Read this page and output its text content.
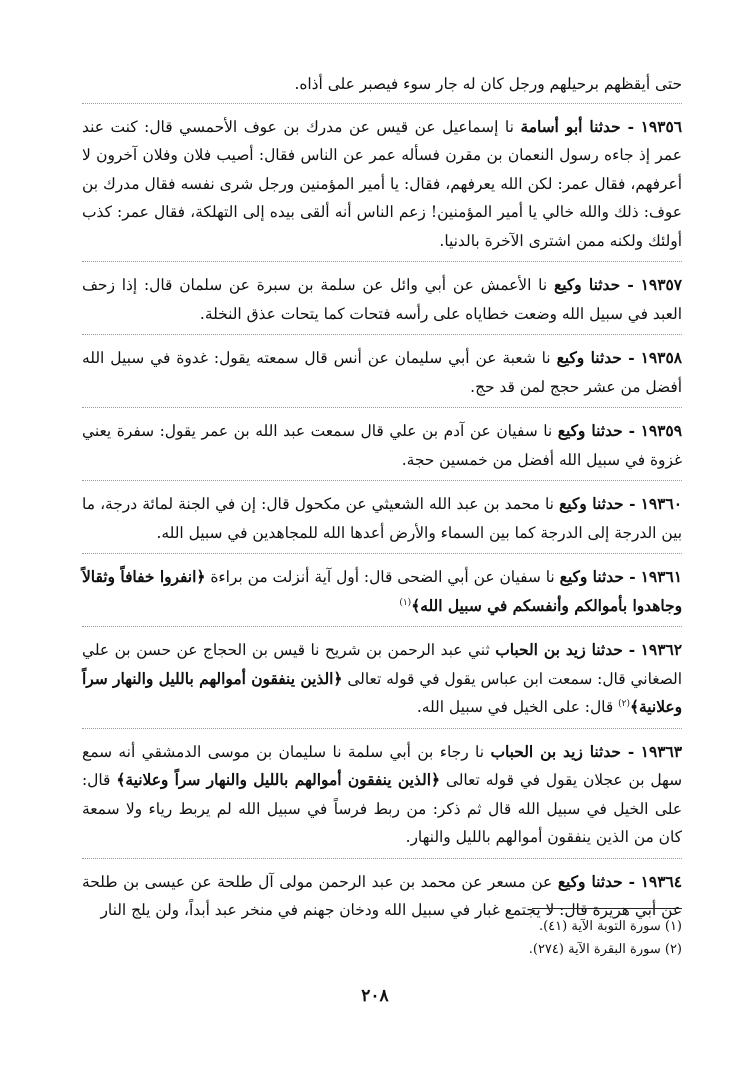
حتى أيقظهم برحيلهم ورجل كان له جار سوء فيصبر على أذاه.

١٩٣٥٦ - حدثنا أبو أسامة نا إسماعيل عن قيس عن مدرك بن عوف الأحمسي قال: كنت عند عمر إذ جاءه رسول النعمان بن مقرن فسأله عمر عن الناس فقال: أصيب فلان وفلان آخرون لا أعرفهم، فقال عمر: لكن الله يعرفهم، فقال: يا أمير المؤمنين ورجل شرى نفسه فقال مدرك بن عوف: ذلك والله خالي يا أمير المؤمنين! زعم الناس أنه ألقى بيده إلى التهلكة، فقال عمر: كذب أولئك ولكنه ممن اشترى الآخرة بالدنيا.

١٩٣٥٧ - حدثنا وكيع نا الأعمش عن أبي وائل عن سلمة بن سبرة عن سلمان قال: إذا زحف العبد في سبيل الله وضعت خطاياه على رأسه فتحات كما يتحات عذق النخلة.

١٩٣٥٨ - حدثنا وكيع نا شعبة عن أبي سليمان عن أنس قال سمعته يقول: غدوة في سبيل الله أفضل من عشر حجج لمن قد حج.

١٩٣٥٩ - حدثنا وكيع نا سفيان عن آدم بن علي قال سمعت عبد الله بن عمر يقول: سفرة يعني غزوة في سبيل الله أفضل من خمسين حجة.

١٩٣٦٠ - حدثنا وكيع نا محمد بن عبد الله الشعيثي عن مكحول قال: إن في الجنة لمائة درجة، ما بين الدرجة إلى الدرجة كما بين السماء والأرض أعدها الله للمجاهدين في سبيل الله.

١٩٣٦١ - حدثنا وكيع نا سفيان عن أبي الضحى قال: أول آية أنزلت من براءة ﴿انفروا خفافاً وثقالاً وجاهدوا بأموالكم وأنفسكم في سبيل الله﴾$^{(١)}$

١٩٣٦٢ - حدثنا زيد بن الحباب ثني عبد الرحمن بن شريح نا قيس بن الحجاج عن حسن بن علي الصغاني قال: سمعت ابن عباس يقول في قوله تعالى ﴿الذين ينفقون أموالهم بالليل والنهار سراً وعلانية﴾$^{(٢)}$ قال: على الخيل في سبيل الله.

١٩٣٦٣ - حدثنا زيد بن الحباب نا رجاء بن أبي سلمة نا سليمان بن موسى الدمشقي أنه سمع سهل بن عجلان يقول في قوله تعالى ﴿الذين ينفقون أموالهم بالليل والنهار سراً وعلانية﴾ قال: على الخيل في سبيل الله قال ثم ذكر: من ربط فرساً في سبيل الله لم يربط رياء ولا سمعة كان من الذين ينفقون أموالهم بالليل والنهار.

١٩٣٦٤ - حدثنا وكيع عن مسعر عن محمد بن عبد الرحمن مولى آل طلحة عن عيسى بن طلحة عن أبي هريرة قال: لا يجتمع غبار في سبيل الله ودخان جهنم في منخر عبد أبداً، ولن يلج النار

(١) سورة التوبة الآية (٤١).

(٢) سورة البقرة الآية (٢٧٤).

٢٠٨
